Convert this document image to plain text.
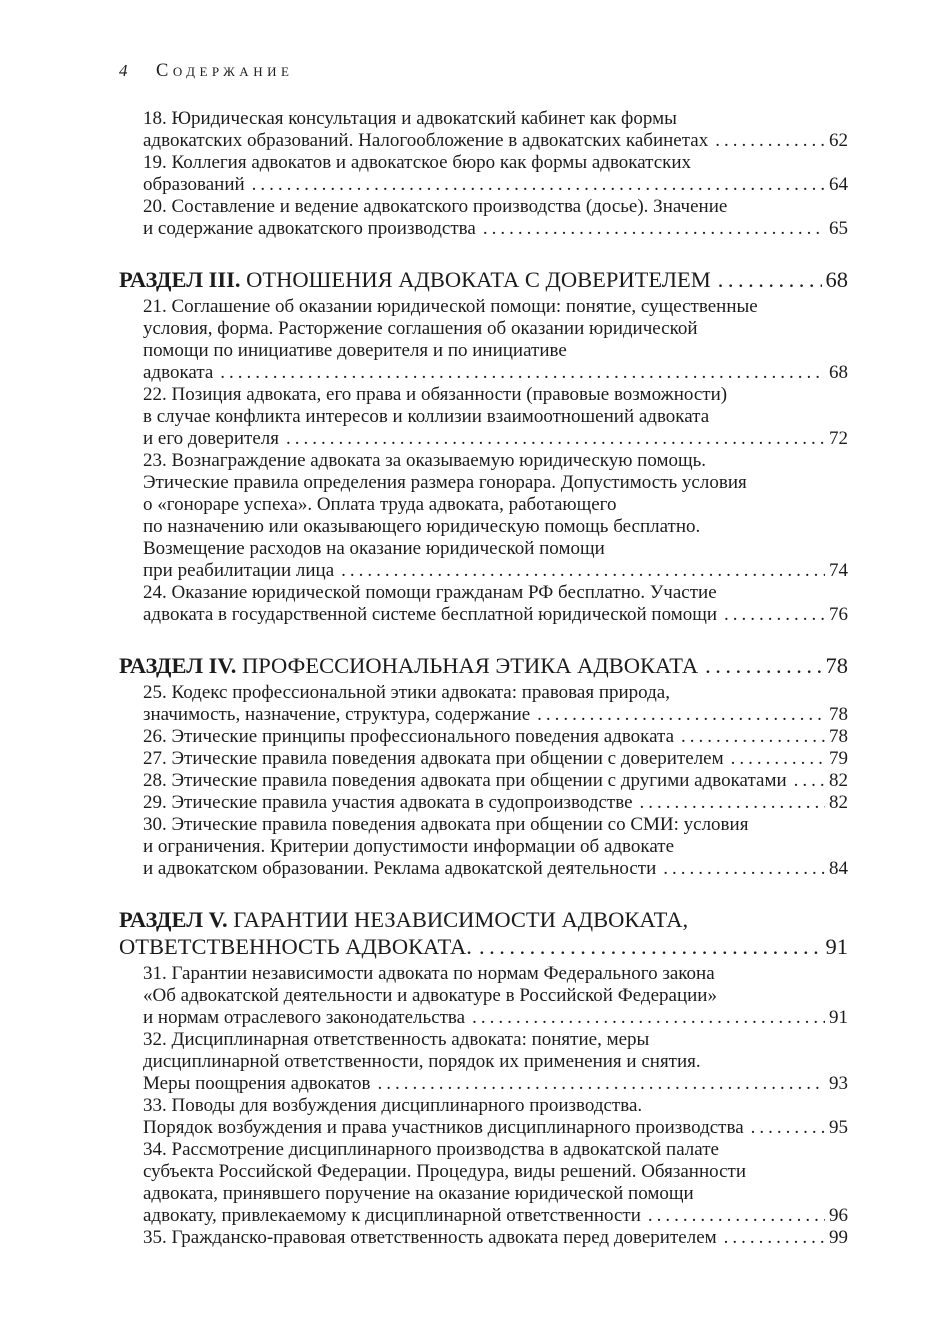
4	Содержание
18. Юридическая консультация и адвокатский кабинет как формы
адвокатских образований. Налогообложение в адвокатских кабинетах .....	62
19. Коллегия адвокатов и адвокатское бюро как формы адвокатских
образований .....	64
20. Составление и ведение адвокатского производства (досье). Значение
и содержание адвокатского производства .....	65
РАЗДЕЛ III. ОТНОШЕНИЯ АДВОКАТА С ДОВЕРИТЕЛЕМ .....	68
21. Соглашение об оказании юридической помощи: понятие, существенные
условия, форма. Расторжение соглашения об оказании юридической
помощи по инициативе доверителя и по инициативе
адвоката .....	68
22. Позиция адвоката, его права и обязанности (правовые возможности)
в случае конфликта интересов и коллизии взаимоотношений адвоката
и его доверителя .....	72
23. Вознаграждение адвоката за оказываемую юридическую помощь.
Этические правила определения размера гонорара. Допустимость условия
о «гонораре успеха». Оплата труда адвоката, работающего
по назначению или оказывающего юридическую помощь бесплатно.
Возмещение расходов на оказание юридической помощи
при реабилитации лица .....	74
24. Оказание юридической помощи гражданам РФ бесплатно. Участие
адвоката в государственной системе бесплатной юридической помощи .....	76
РАЗДЕЛ IV. ПРОФЕССИОНАЛЬНАЯ ЭТИКА АДВОКАТА .....	78
25. Кодекс профессиональной этики адвоката: правовая природа,
значимость, назначение, структура, содержание .....	78
26. Этические принципы профессионального поведения адвоката .....	78
27. Этические правила поведения адвоката при общении с доверителем .....	79
28. Этические правила поведения адвоката при общении с другими адвокатами ..... 82
29. Этические правила участия адвоката в судопроизводстве .....	82
30. Этические правила поведения адвоката при общении со СМИ: условия
и ограничения. Критерии допустимости информации об адвокате
и адвокатском образовании. Реклама адвокатской деятельности .....	84
РАЗДЕЛ V. ГАРАНТИИ НЕЗАВИСИМОСТИ АДВОКАТА,
ОТВЕТСТВЕННОСТЬ АДВОКАТА. .....	91
31. Гарантии независимости адвоката по нормам Федерального закона
«Об адвокатской деятельности и адвокатуре в Российской Федерации»
и нормам отраслевого законодательства .....	91
32. Дисциплинарная ответственность адвоката: понятие, меры
дисциплинарной ответственности, порядок их применения и снятия.
Меры поощрения адвокатов .....	93
33. Поводы для возбуждения дисциплинарного производства.
Порядок возбуждения и права участников дисциплинарного производства .....	95
34. Рассмотрение дисциплинарного производства в адвокатской палате
субъекта Российской Федерации. Процедура, виды решений. Обязанности
адвоката, принявшего поручение на оказание юридической помощи
адвокату, привлекаемому к дисциплинарной ответственности .....	96
35. Гражданско-правовая ответственность адвоката перед доверителем .....	99
